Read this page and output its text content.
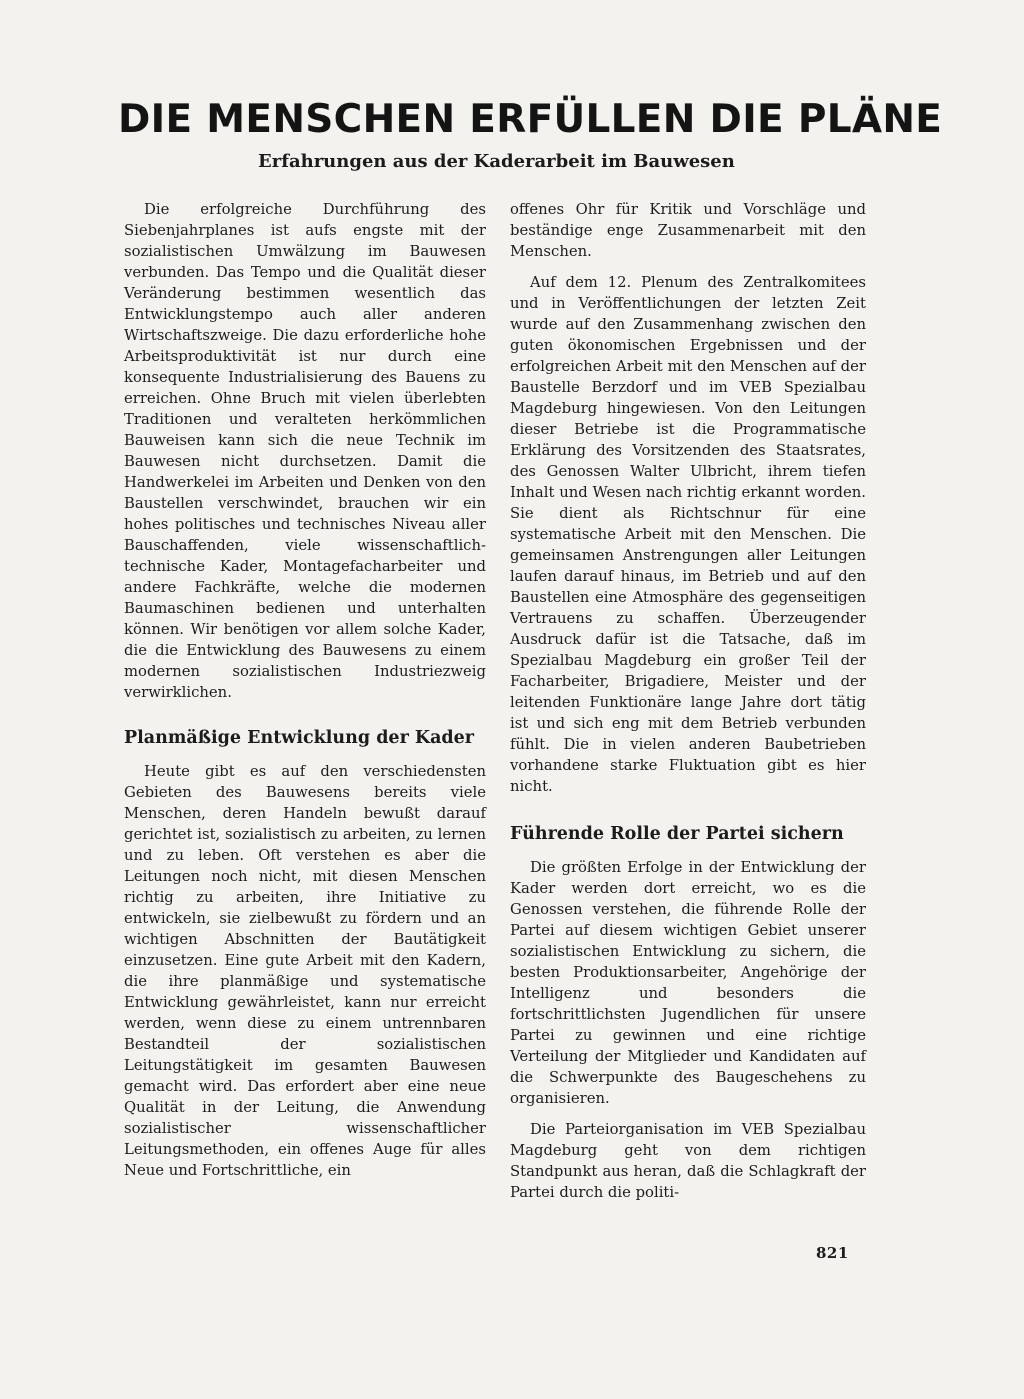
DIE MENSCHEN ERFÜLLEN DIE PLÄNE
Erfahrungen aus der Kaderarbeit im Bauwesen

Die erfolgreiche Durchführung des Siebenjahrplanes ist aufs engste mit der sozialistischen Umwälzung im Bauwesen verbunden. Das Tempo und die Qualität dieser Veränderung bestimmen wesentlich das Entwicklungstempo auch aller anderen Wirtschaftszweige. Die dazu erforderliche hohe Arbeitsproduktivität ist nur durch eine konsequente Industrialisierung des Bauens zu erreichen. Ohne Bruch mit vielen überlebten Traditionen und veralteten herkömmlichen Bauweisen kann sich die neue Technik im Bauwesen nicht durchsetzen. Damit die Handwerkelei im Arbeiten und Denken von den Baustellen verschwindet, brauchen wir ein hohes politisches und technisches Niveau aller Bauschaffenden, viele wissenschaftlich-technische Kader, Montagefacharbeiter und andere Fachkräfte, welche die modernen Baumaschinen bedienen und unterhalten können. Wir benötigen vor allem solche Kader, die die Entwicklung des Bauwesens zu einem modernen sozialistischen Industriezweig verwirklichen.

Planmäßige Entwicklung der Kader

Heute gibt es auf den verschiedensten Gebieten des Bauwesens bereits viele Menschen, deren Handeln bewußt darauf gerichtet ist, sozialistisch zu arbeiten, zu lernen und zu leben. Oft verstehen es aber die Leitungen noch nicht, mit diesen Menschen richtig zu arbeiten, ihre Initiative zu entwickeln, sie zielbewußt zu fördern und an wichtigen Abschnitten der Bautätigkeit einzusetzen. Eine gute Arbeit mit den Kadern, die ihre planmäßige und systematische Entwicklung gewährleistet, kann nur erreicht werden, wenn diese zu einem untrennbaren Bestandteil der sozialistischen Leitungstätigkeit im gesamten Bauwesen gemacht wird. Das erfordert aber eine neue Qualität in der Leitung, die Anwendung sozialistischer wissenschaftlicher Leitungsmethoden, ein offenes Auge für alles Neue und Fortschrittliche, ein

offenes Ohr für Kritik und Vorschläge und beständige enge Zusammenarbeit mit den Menschen.

Auf dem 12. Plenum des Zentralkomitees und in Veröffentlichungen der letzten Zeit wurde auf den Zusammenhang zwischen den guten ökonomischen Ergebnissen und der erfolgreichen Arbeit mit den Menschen auf der Baustelle Berzdorf und im VEB Spezialbau Magdeburg hingewiesen. Von den Leitungen dieser Betriebe ist die Programmatische Erklärung des Vorsitzenden des Staatsrates, des Genossen Walter Ulbricht, ihrem tiefen Inhalt und Wesen nach richtig erkannt worden. Sie dient als Richtschnur für eine systematische Arbeit mit den Menschen. Die gemeinsamen Anstrengungen aller Leitungen laufen darauf hinaus, im Betrieb und auf den Baustellen eine Atmosphäre des gegenseitigen Vertrauens zu schaffen. Überzeugender Ausdruck dafür ist die Tatsache, daß im Spezialbau Magdeburg ein großer Teil der Facharbeiter, Brigadiere, Meister und der leitenden Funktionäre lange Jahre dort tätig ist und sich eng mit dem Betrieb verbunden fühlt. Die in vielen anderen Baubetrieben vorhandene starke Fluktuation gibt es hier nicht.

Führende Rolle der Partei sichern

Die größten Erfolge in der Entwicklung der Kader werden dort erreicht, wo es die Genossen verstehen, die führende Rolle der Partei auf diesem wichtigen Gebiet unserer sozialistischen Entwicklung zu sichern, die besten Produktionsarbeiter, Angehörige der Intelligenz und besonders die fortschrittlichsten Jugendlichen für unsere Partei zu gewinnen und eine richtige Verteilung der Mitglieder und Kandidaten auf die Schwerpunkte des Baugeschehens zu organisieren.

Die Parteiorganisation im VEB Spezialbau Magdeburg geht von dem richtigen Standpunkt aus heran, daß die Schlagkraft der Partei durch die politi-

821
